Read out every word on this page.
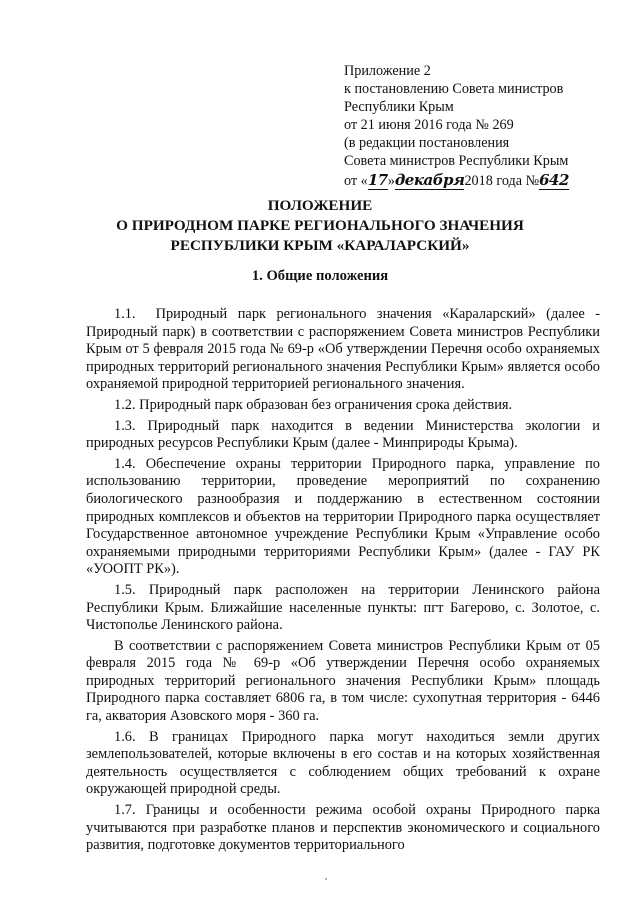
Приложение 2
к постановлению Совета министров
Республики Крым
от 21 июня 2016 года № 269
(в редакции постановления
Совета министров Республики Крым
от «17»декабря2018 года №642
ПОЛОЖЕНИЕ
О ПРИРОДНОМ ПАРКЕ РЕГИОНАЛЬНОГО ЗНАЧЕНИЯ
РЕСПУБЛИКИ КРЫМ «КАРАЛАРСКИЙ»
1. Общие положения

1.1. Природный парк регионального значения «Караларский» (далее - Природный парк) в соответствии с распоряжением Совета министров Республики Крым от 5 февраля 2015 года № 69-р «Об утверждении Перечня особо охраняемых природных территорий регионального значения Республики Крым» является особо охраняемой природной территорией регионального значения.

1.2. Природный парк образован без ограничения срока действия.

1.3. Природный парк находится в ведении Министерства экологии и природных ресурсов Республики Крым (далее - Минприроды Крыма).

1.4. Обеспечение охраны территории Природного парка, управление по использованию территории, проведение мероприятий по сохранению биологического разнообразия и поддержанию в естественном состоянии природных комплексов и объектов на территории Природного парка осуществляет Государственное автономное учреждение Республики Крым «Управление особо охраняемыми природными территориями Республики Крым» (далее - ГАУ РК «УООПТ РК»).

1.5. Природный парк расположен на территории Ленинского района Республики Крым. Ближайшие населенные пункты: пгт Багерово, с. Золотое, с. Чистополье Ленинского района.

В соответствии с распоряжением Совета министров Республики Крым от 05 февраля 2015 года № 69-р «Об утверждении Перечня особо охраняемых природных территорий регионального значения Республики Крым» площадь Природного парка составляет 6806 га, в том числе: сухопутная территория - 6446 га, акватория Азовского моря - 360 га.

1.6. В границах Природного парка могут находиться земли других землепользователей, которые включены в его состав и на которых хозяйственная деятельность осуществляется с соблюдением общих требований к охране окружающей природной среды.

1.7. Границы и особенности режима особой охраны Природного парка учитываются при разработке планов и перспектив экономического и социального развития, подготовке документов территориального
